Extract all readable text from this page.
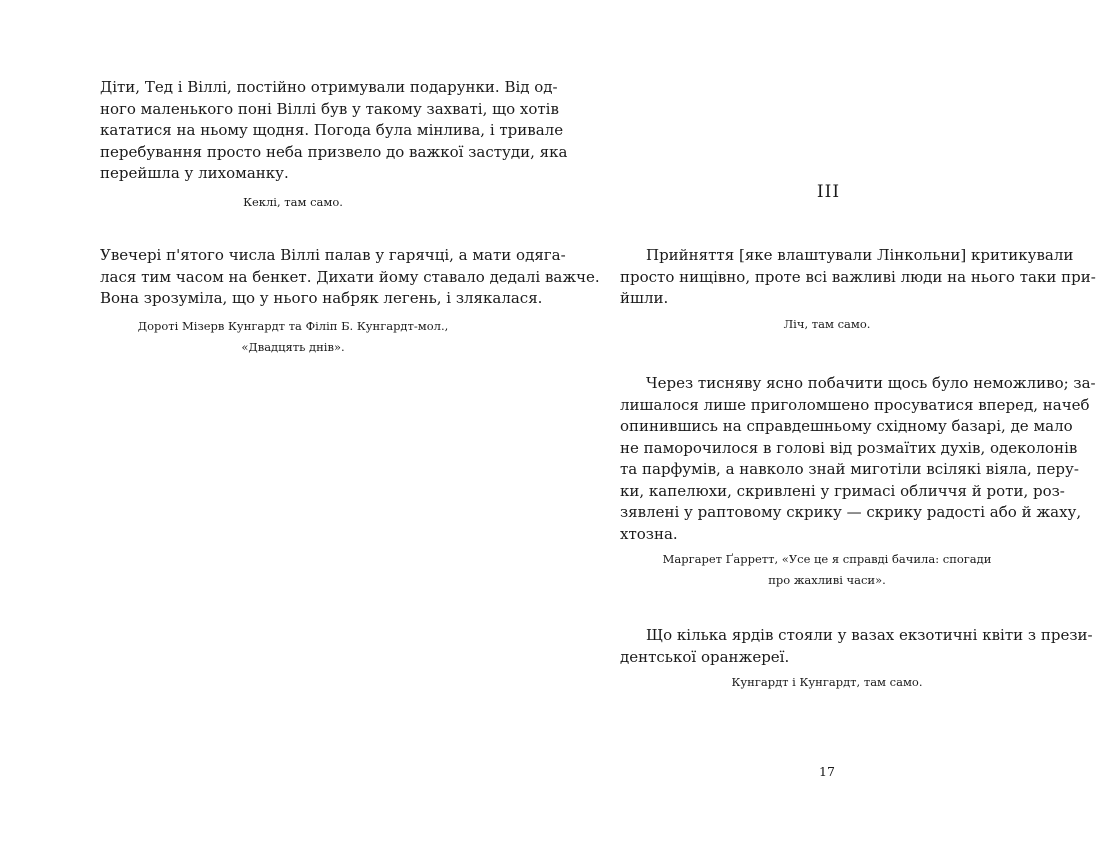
Діти, Тед і Віллі, постійно отримували подарунки. Від од-
ного маленького поні Віллі був у такому захваті, що хотів
кататися на ньому щодня. Погода була мінлива, і тривале
перебування просто неба призвело до важкої застуди, яка
перейшла у лихоманку.

Кеклі, там само.

Увечері п'ятого числа Віллі палав у гарячці, а мати одяга-
лася тим часом на бенкет. Дихати йому ставало дедалі важче.
Вона зрозуміла, що у нього набряк легень, і злякалася.

Дороті Мізерв Кунгардт та Філіп Б. Кунгардт-мол.,
«Двадцять днів».

III

Прийняття [яке влаштували Лінкольни] критикували
просто нищівно, проте всі важливі люди на нього таки при-
йшли.

Ліч, там само.

Через тисняву ясно побачити щось було неможливо; за-
лишалося лише приголомшено просуватися вперед, начеб
опинившись на справдешньому східному базарі, де мало
не паморочилося в голові від розмаїтих духів, одеколонів
та парфумів, а навколо знай миготіли всілякі віяла, перу-
ки, капелюхи, скривлені у гримасі обличчя й роти, роз-
зявлені у раптовому скрику — скрику радості або й жаху,
хтозна.

Маргарет Ґарретт, «Усе це я справді бачила: спогади
про жахливі часи».

Що кілька ярдів стояли у вазах екзотичні квіти з прези-
дентської оранжереї.

Кунгардт і Кунгардт, там само.

17
